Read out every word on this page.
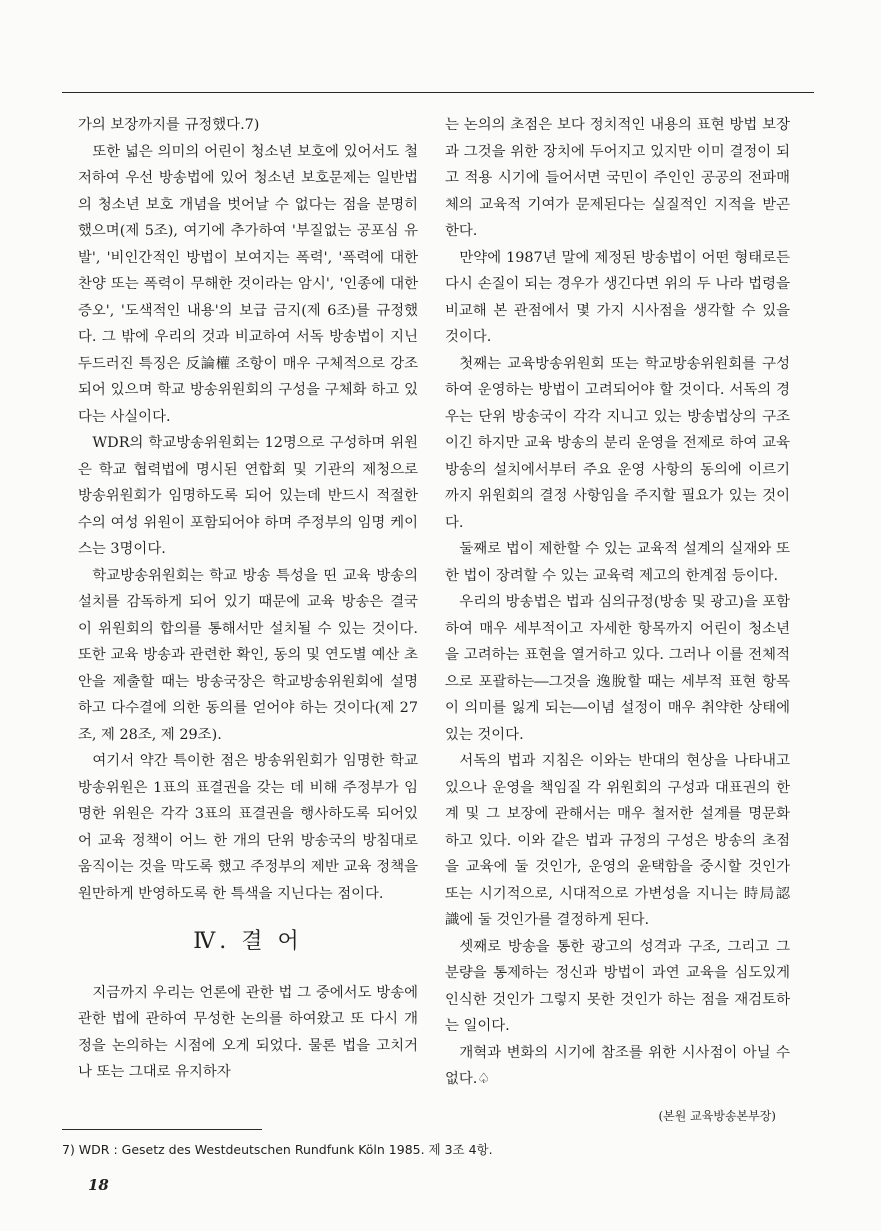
가의 보장까지를 규정했다.7)

또한 넓은 의미의 어린이 청소년 보호에 있어서도 철저하여 우선 방송법에 있어 청소년 보호문제는 일반법의 청소년 보호 개념을 벗어날 수 없다는 점을 분명히 했으며(제 5조), 여기에 추가하여 '부질없는 공포심 유발', '비인간적인 방법이 보여지는 폭력', '폭력에 대한 찬양 또는 폭력이 무해한 것이라는 암시', '인종에 대한 증오', '도색적인 내용'의 보급 금지(제 6조)를 규정했다. 그 밖에 우리의 것과 비교하여 서독 방송법이 지닌 두드러진 특징은 反論權 조항이 매우 구체적으로 강조되어 있으며 학교 방송위원회의 구성을 구체화 하고 있다는 사실이다.

WDR의 학교방송위원회는 12명으로 구성하며 위원은 학교 협력법에 명시된 연합회 및 기관의 제청으로 방송위원회가 임명하도록 되어 있는데 반드시 적절한 수의 여성 위원이 포함되어야 하며 주정부의 임명 케이스는 3명이다.

학교방송위원회는 학교 방송 특성을 띤 교육 방송의 설치를 감독하게 되어 있기 때문에 교육 방송은 결국 이 위원회의 합의를 통해서만 설치될 수 있는 것이다. 또한 교육 방송과 관련한 확인, 동의 및 연도별 예산 초안을 제출할 때는 방송국장은 학교방송위원회에 설명하고 다수결에 의한 동의를 얻어야 하는 것이다(제 27조, 제 28조, 제 29조).

여기서 약간 특이한 점은 방송위원회가 임명한 학교방송위원은 1표의 표결권을 갖는 데 비해 주정부가 임명한 위원은 각각 3표의 표결권을 행사하도록 되어있어 교육 정책이 어느 한 개의 단위 방송국의 방침대로 움직이는 것을 막도록 했고 주정부의 제반 교육 정책을 원만하게 반영하도록 한 특색을 지닌다는 점이다.

Ⅳ. 결 어

지금까지 우리는 언론에 관한 법 그 중에서도 방송에 관한 법에 관하여 무성한 논의를 하여왔고 또 다시 개정을 논의하는 시점에 오게 되었다. 물론 법을 고치거나 또는 그대로 유지하자

는 논의의 초점은 보다 정치적인 내용의 표현 방법 보장과 그것을 위한 장치에 두어지고 있지만 이미 결정이 되고 적용 시기에 들어서면 국민이 주인인 공공의 전파매체의 교육적 기여가 문제된다는 실질적인 지적을 받곤 한다.

만약에 1987년 말에 제정된 방송법이 어떤 형태로든 다시 손질이 되는 경우가 생긴다면 위의 두 나라 법령을 비교해 본 관점에서 몇 가지 시사점을 생각할 수 있을 것이다.

첫째는 교육방송위원회 또는 학교방송위원회를 구성하여 운영하는 방법이 고려되어야 할 것이다. 서독의 경우는 단위 방송국이 각각 지니고 있는 방송법상의 구조이긴 하지만 교육 방송의 분리 운영을 전제로 하여 교육 방송의 설치에서부터 주요 운영 사항의 동의에 이르기까지 위원회의 결정 사항임을 주지할 필요가 있는 것이다.

둘째로 법이 제한할 수 있는 교육적 설계의 실재와 또한 법이 장려할 수 있는 교육력 제고의 한계점 등이다.

우리의 방송법은 법과 심의규정(방송 및 광고)을 포함하여 매우 세부적이고 자세한 항목까지 어린이 청소년을 고려하는 표현을 열거하고 있다. 그러나 이를 전체적으로 포괄하는―그것을 逸脫할 때는 세부적 표현 항목이 의미를 잃게 되는―이념 설정이 매우 취약한 상태에 있는 것이다.

서독의 법과 지침은 이와는 반대의 현상을 나타내고 있으나 운영을 책임질 각 위원회의 구성과 대표권의 한계 및 그 보장에 관해서는 매우 철저한 설계를 명문화 하고 있다. 이와 같은 법과 규정의 구성은 방송의 초점을 교육에 둘 것인가, 운영의 윤택함을 중시할 것인가 또는 시기적으로, 시대적으로 가변성을 지니는 時局認識에 둘 것인가를 결정하게 된다.

셋째로 방송을 통한 광고의 성격과 구조, 그리고 그 분량을 통제하는 정신과 방법이 과연 교육을 심도있게 인식한 것인가 그렇지 못한 것인가 하는 점을 재검토하는 일이다.

개혁과 변화의 시기에 참조를 위한 시사점이 아닐 수 없다.♤

(본원 교육방송본부장)
7) WDR : Gesetz des Westdeutschen Rundfunk Köln 1985. 제 3조 4항.
18
